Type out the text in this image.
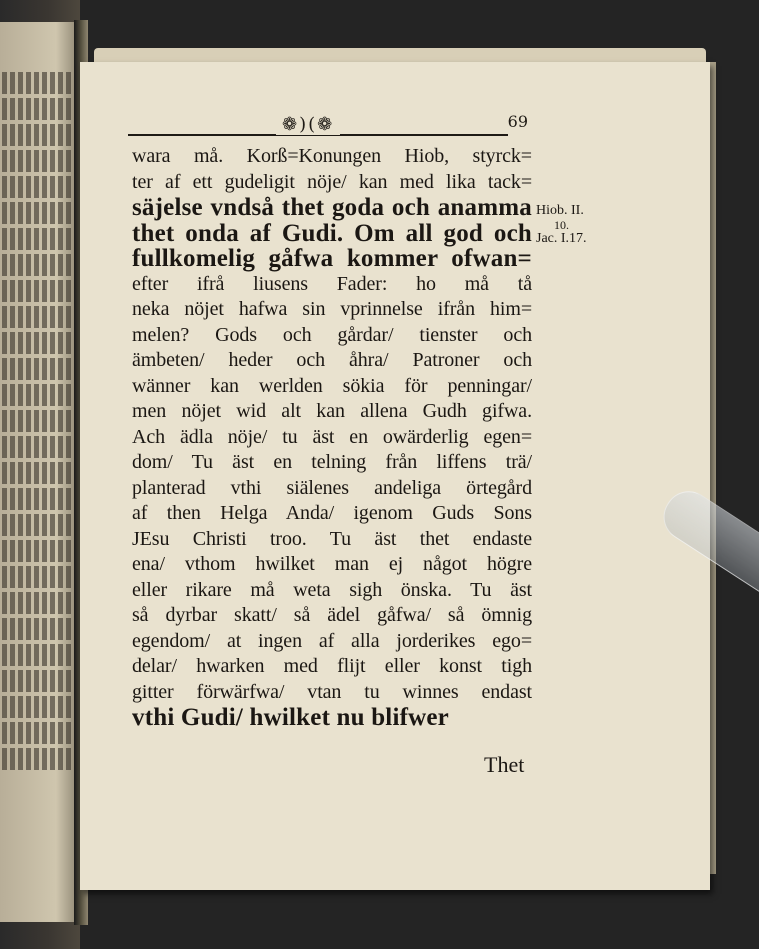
❁)(❁	69
wara må. Korß=Konungen Hiob, styrck=
ter af ett gudeligit nöje/ kan med lika tack=
säjelse vndså thet goda och anamma
thet onda af Gudi. Om all god och
fullkomelig gåfwa kommer ofwan=
efter ifrå liusens Fader: ho må tå
neka nöjet hafwa sin vprinnelse ifrån him=
melen? Gods och gårdar/ tienster och
ämbeten/ heder och åhra/ Patroner och
wänner kan werlden sökia för penningar/
men nöjet wid alt kan allena Gudh gifwa.
Ach ädla nöje/ tu äst en owärderlig egen=
dom/ Tu äst en telning från liffens trä/
planterad vthi siälenes andeliga örtegård
af then Helga Anda/ igenom Guds Sons
JEsu Christi troo. Tu äst thet endaste
ena/ vthom hwilket man ej något högre
eller rikare må weta sigh önska. Tu äst
så dyrbar skatt/ så ädel gåfwa/ så ömnig
egendom/ at ingen af alla jorderikes ego=
delar/ hwarken med flijt eller konst tigh
gitter förwärfwa/ vtan tu winnes endast
vthi Gudi/ hwilket nu blifwer
Thet
Hiob. II.
10.
Jac. I.17.
